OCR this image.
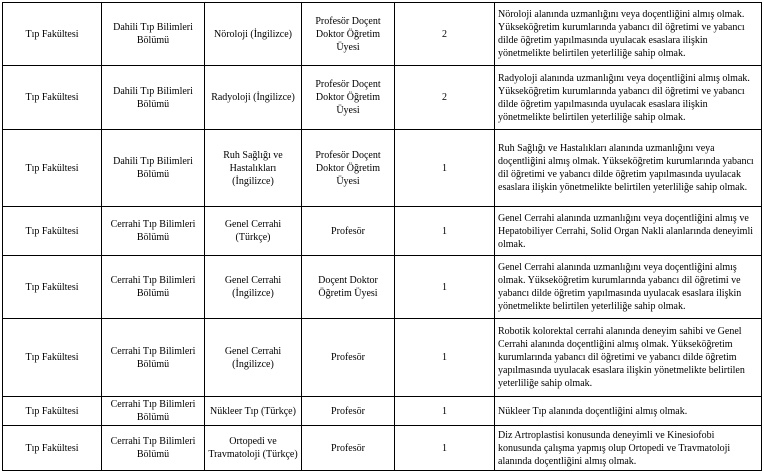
Tıp Fakültesi	Dahili Tıp Bilimleri Bölümü	Nöroloji (İngilizce)	Profesör Doçent Doktor Öğretim Üyesi	2	Nöroloji alanında uzmanlığını veya doçentliğini almış olmak. Yükseköğretim kurumlarında yabancı dil öğretimi ve yabancı dilde öğretim yapılmasında uyulacak esaslara ilişkin yönetmelikte belirtilen yeterliliğe sahip olmak.
Tıp Fakültesi	Dahili Tıp Bilimleri Bölümü	Radyoloji (İngilizce)	Profesör Doçent Doktor Öğretim Üyesi	2	Radyoloji alanında uzmanlığını veya doçentliğini almış olmak. Yükseköğretim kurumlarında yabancı dil öğretimi ve yabancı dilde öğretim yapılmasında uyulacak esaslara ilişkin yönetmelikte belirtilen yeterliliğe sahip olmak.
Tıp Fakültesi	Dahili Tıp Bilimleri Bölümü	Ruh Sağlığı ve Hastalıkları (İngilizce)	Profesör Doçent Doktor Öğretim Üyesi	1	Ruh Sağlığı ve Hastalıkları alanında uzmanlığını veya doçentliğini almış olmak. Yükseköğretim kurumlarında yabancı dil öğretimi ve yabancı dilde öğretim yapılmasında uyulacak esaslara ilişkin yönetmelikte belirtilen yeterliliğe sahip olmak.
Tıp Fakültesi	Cerrahi Tıp Bilimleri Bölümü	Genel Cerrahi (Türkçe)	Profesör	1	Genel Cerrahi alanında uzmanlığını veya doçentliğini almış ve Hepatobiliyer Cerrahi, Solid Organ Nakli alanlarında deneyimli olmak.
Tıp Fakültesi	Cerrahi Tıp Bilimleri Bölümü	Genel Cerrahi (İngilizce)	Doçent Doktor Öğretim Üyesi	1	Genel Cerrahi alanında uzmanlığını veya doçentliğini almış olmak. Yükseköğretim kurumlarında yabancı dil öğretimi ve yabancı dilde öğretim yapılmasında uyulacak esaslara ilişkin yönetmelikte belirtilen yeterliliğe sahip olmak.
Tıp Fakültesi	Cerrahi Tıp Bilimleri Bölümü	Genel Cerrahi (İngilizce)	Profesör	1	Robotik kolorektal cerrahi alanında deneyim sahibi ve Genel Cerrahi alanında doçentliğini almış olmak. Yükseköğretim kurumlarında yabancı dil öğretimi ve yabancı dilde öğretim yapılmasında uyulacak esaslara ilişkin yönetmelikte belirtilen yeterliliğe sahip olmak.
Tıp Fakültesi	Cerrahi Tıp Bilimleri Bölümü	Nükleer Tıp (Türkçe)	Profesör	1	Nükleer Tıp alanında doçentliğini almış olmak.
Tıp Fakültesi	Cerrahi Tıp Bilimleri Bölümü	Ortopedi ve Travmatoloji (Türkçe)	Profesör	1	Diz Artroplastisi konusunda deneyimli ve Kinesiofobi konusunda çalışma yapmış olup Ortopedi ve Travmatoloji alanında doçentliğini almış olmak.
